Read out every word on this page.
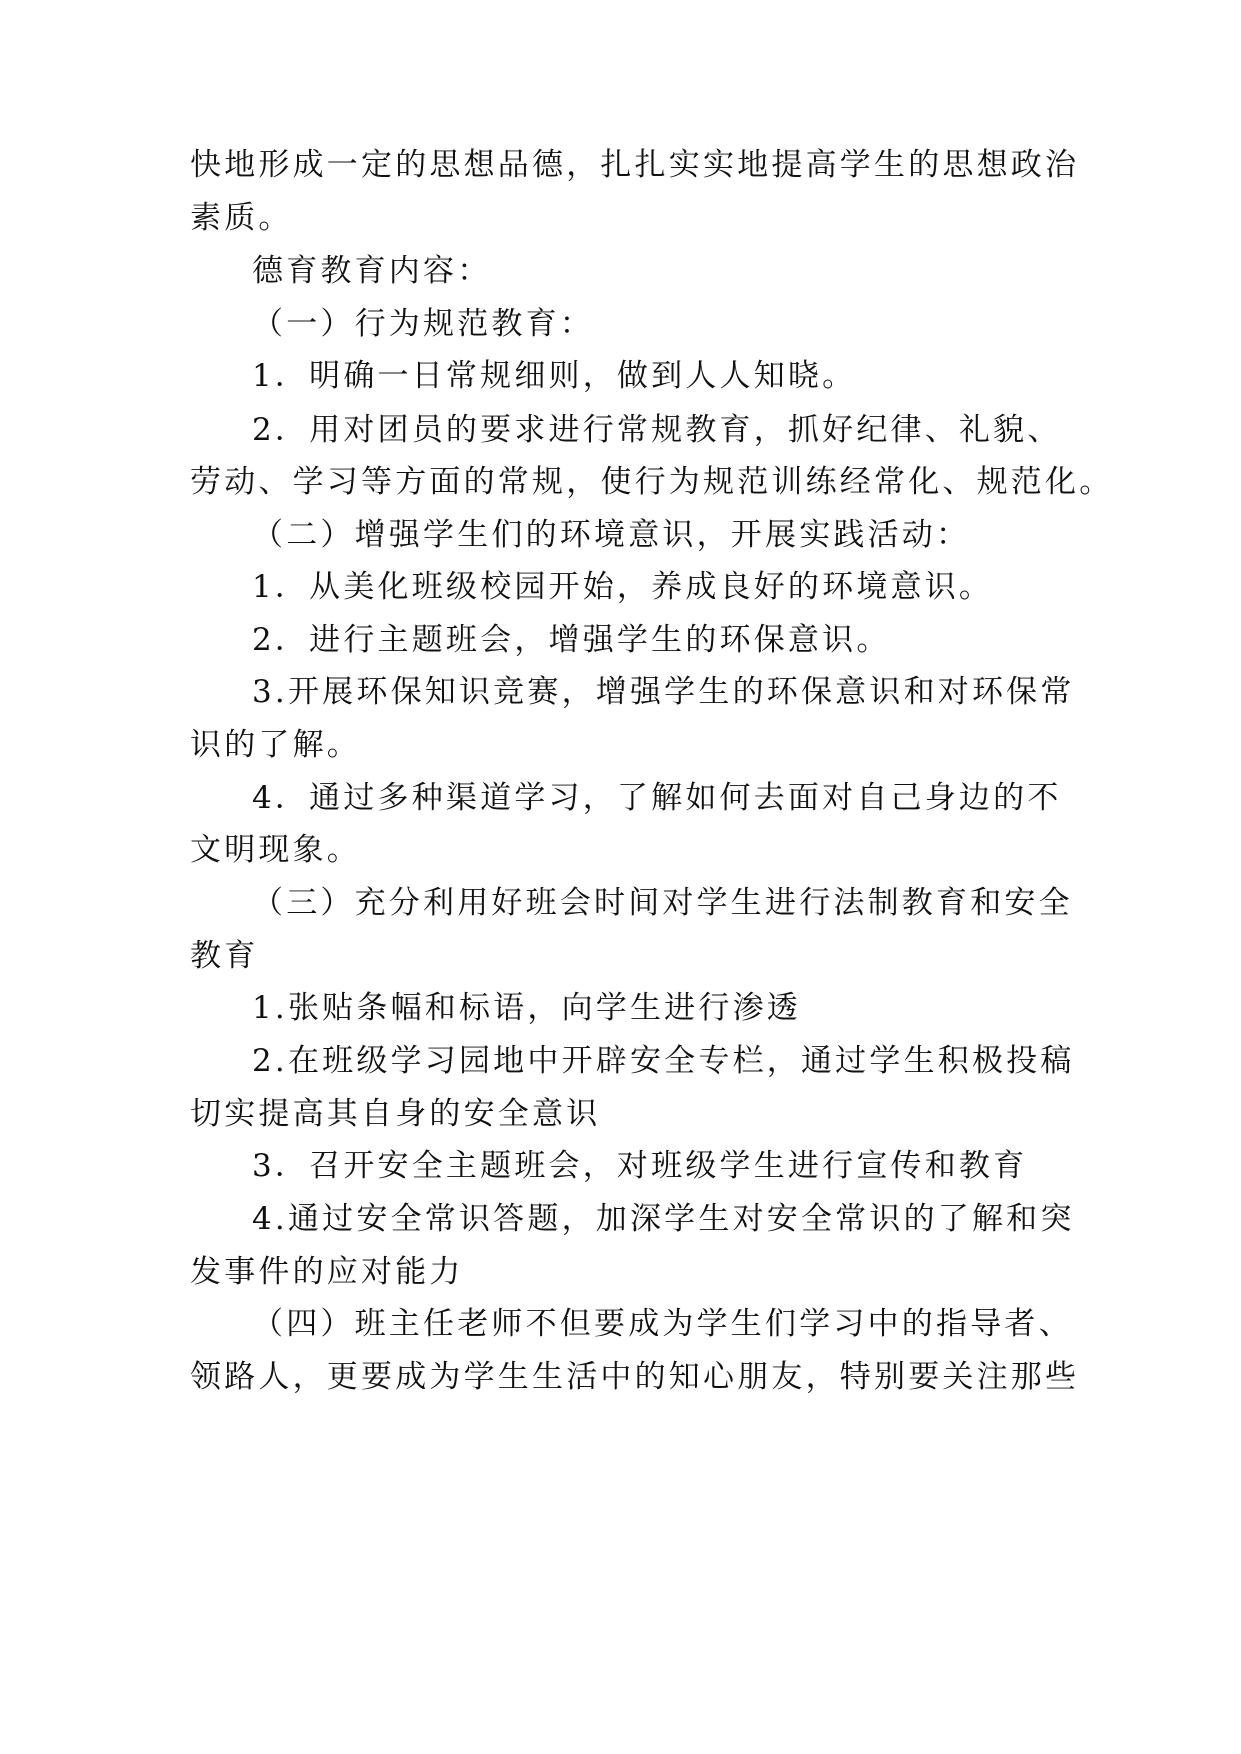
快地形成一定的思想品德，扎扎实实地提高学生的思想政治
素质。
德育教育内容：
（一）行为规范教育：
1．明确一日常规细则，做到人人知晓。
2．用对团员的要求进行常规教育，抓好纪律、礼貌、
劳动、学习等方面的常规，使行为规范训练经常化、规范化。
（二）增强学生们的环境意识，开展实践活动：
1．从美化班级校园开始，养成良好的环境意识。
2．进行主题班会，增强学生的环保意识。
3.开展环保知识竞赛，增强学生的环保意识和对环保常
识的了解。
4．通过多种渠道学习，了解如何去面对自己身边的不
文明现象。
（三）充分利用好班会时间对学生进行法制教育和安全
教育
1.张贴条幅和标语，向学生进行渗透
2.在班级学习园地中开辟安全专栏，通过学生积极投稿
切实提高其自身的安全意识
3．召开安全主题班会，对班级学生进行宣传和教育
4.通过安全常识答题，加深学生对安全常识的了解和突
发事件的应对能力
（四）班主任老师不但要成为学生们学习中的指导者、
领路人，更要成为学生生活中的知心朋友，特别要关注那些
